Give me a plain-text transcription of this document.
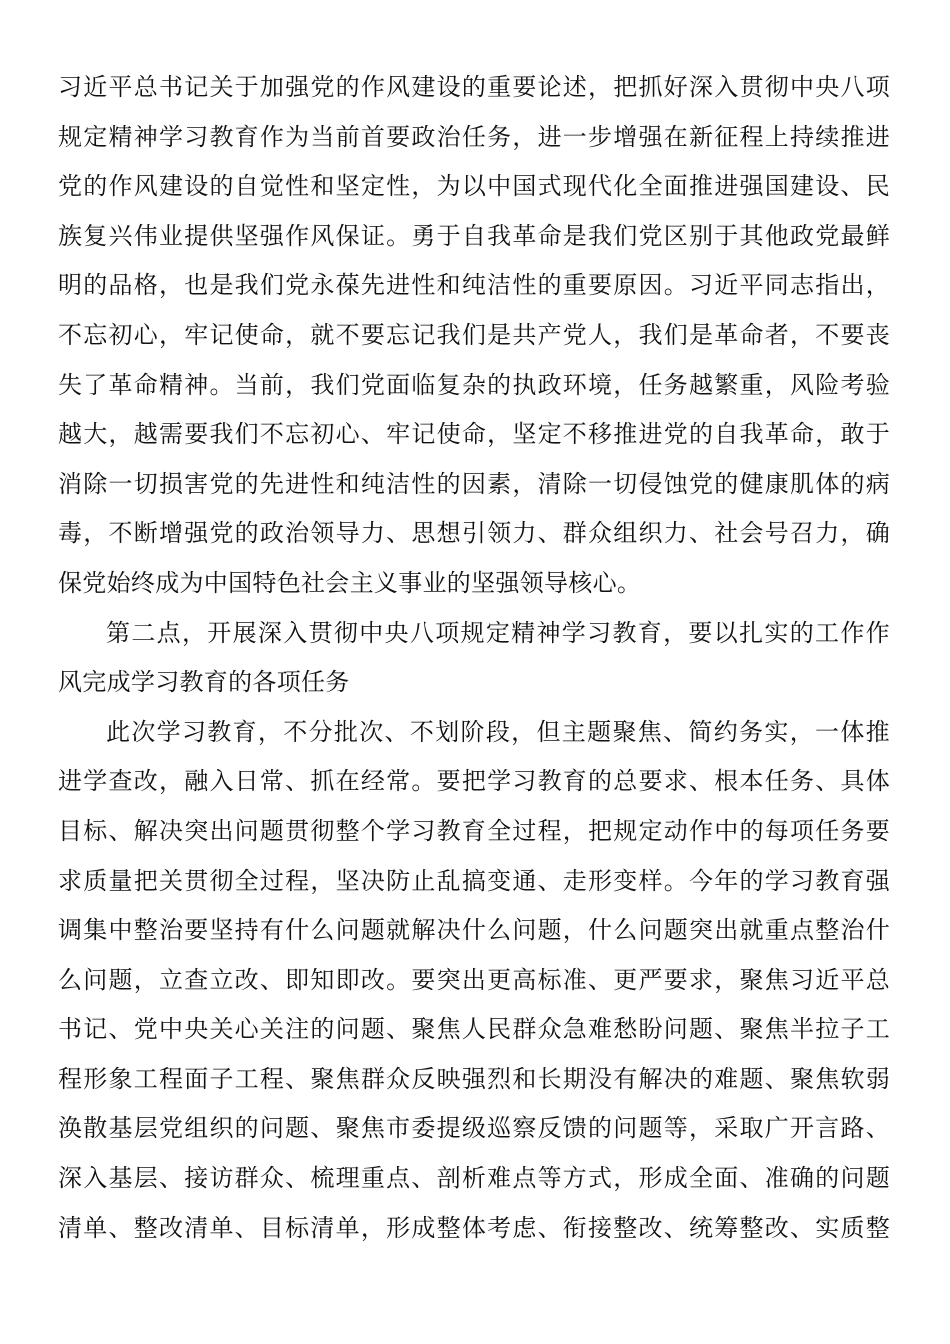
习近平总书记关于加强党的作风建设的重要论述，把抓好深入贯彻中央八项
规定精神学习教育作为当前首要政治任务，进一步增强在新征程上持续推进
党的作风建设的自觉性和坚定性，为以中国式现代化全面推进强国建设、民
族复兴伟业提供坚强作风保证。勇于自我革命是我们党区别于其他政党最鲜
明的品格，也是我们党永葆先进性和纯洁性的重要原因。习近平同志指出，
不忘初心，牢记使命，就不要忘记我们是共产党人，我们是革命者，不要丧
失了革命精神。当前，我们党面临复杂的执政环境，任务越繁重，风险考验
越大，越需要我们不忘初心、牢记使命，坚定不移推进党的自我革命，敢于
消除一切损害党的先进性和纯洁性的因素，清除一切侵蚀党的健康肌体的病
毒，不断增强党的政治领导力、思想引领力、群众组织力、社会号召力，确
保党始终成为中国特色社会主义事业的坚强领导核心。
第二点，开展深入贯彻中央八项规定精神学习教育，要以扎实的工作作
风完成学习教育的各项任务
此次学习教育，不分批次、不划阶段，但主题聚焦、简约务实，一体推
进学查改，融入日常、抓在经常。要把学习教育的总要求、根本任务、具体
目标、解决突出问题贯彻整个学习教育全过程，把规定动作中的每项任务要
求质量把关贯彻全过程，坚决防止乱搞变通、走形变样。今年的学习教育强
调集中整治要坚持有什么问题就解决什么问题，什么问题突出就重点整治什
么问题，立查立改、即知即改。要突出更高标准、更严要求，聚焦习近平总
书记、党中央关心关注的问题、聚焦人民群众急难愁盼问题、聚焦半拉子工
程形象工程面子工程、聚焦群众反映强烈和长期没有解决的难题、聚焦软弱
涣散基层党组织的问题、聚焦市委提级巡察反馈的问题等，采取广开言路、
深入基层、接访群众、梳理重点、剖析难点等方式，形成全面、准确的问题
清单、整改清单、目标清单，形成整体考虑、衔接整改、统筹整改、实质整
